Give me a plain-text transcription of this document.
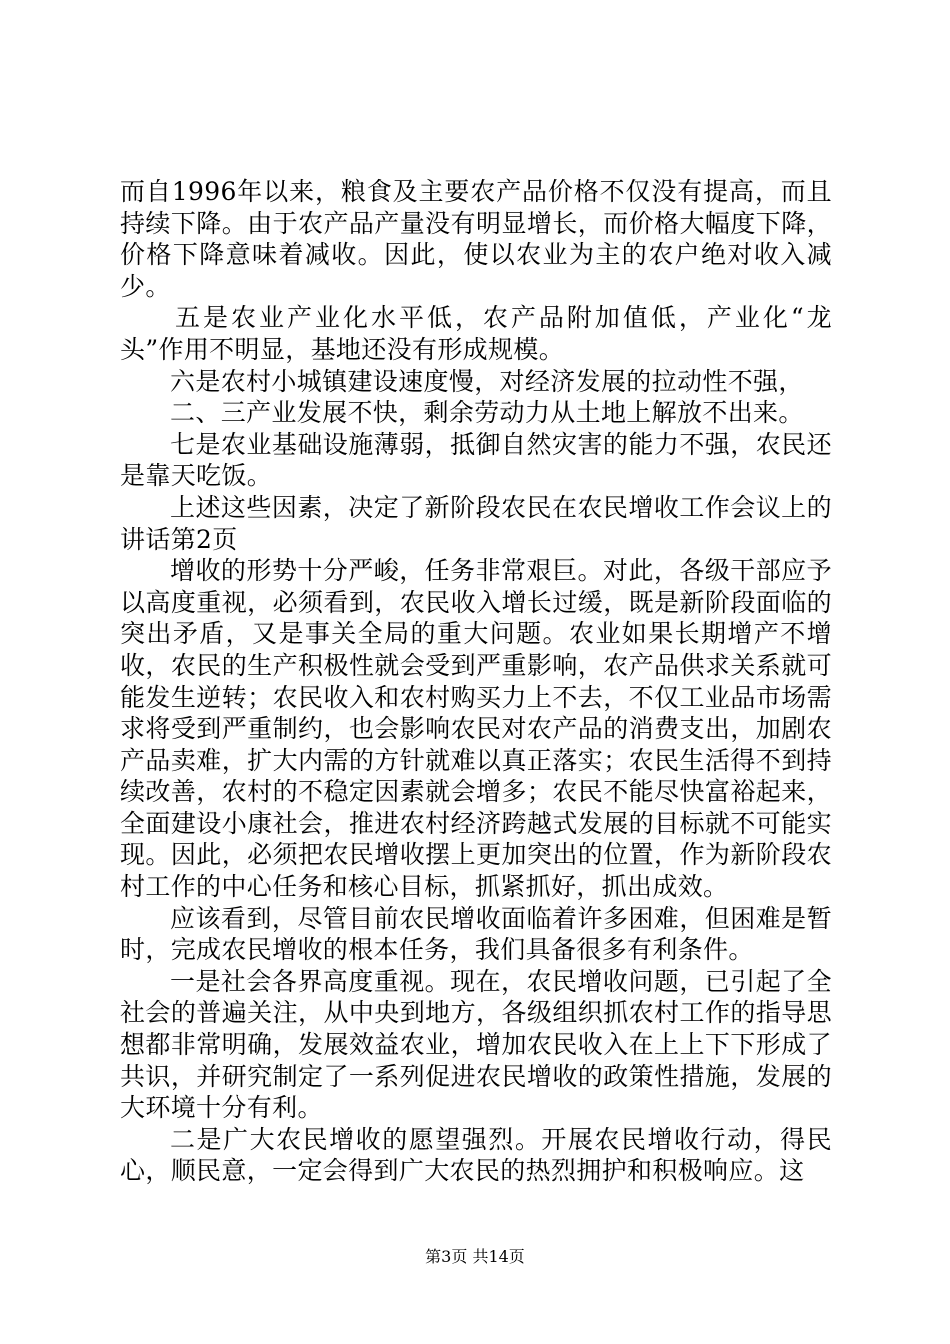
而自1996年以来，粮食及主要农产品价格不仅没有提高，而且持续下降。由于农产品产量没有明显增长，而价格大幅度下降，价格下降意味着减收。因此，使以农业为主的农户绝对收入减少。

五是农业产业化水平低，农产品附加值低，产业化“龙头”作用不明显，基地还没有形成规模。

六是农村小城镇建设速度慢，对经济发展的拉动性不强，

二、三产业发展不快，剩余劳动力从土地上解放不出来。

七是农业基础设施薄弱，抵御自然灾害的能力不强，农民还是靠天吃饭。

上述这些因素，决定了新阶段农民在农民增收工作会议上的讲话第2页

增收的形势十分严峻，任务非常艰巨。对此，各级干部应予以高度重视，必须看到，农民收入增长过缓，既是新阶段面临的突出矛盾，又是事关全局的重大问题。农业如果长期增产不增收，农民的生产积极性就会受到严重影响，农产品供求关系就可能发生逆转；农民收入和农村购买力上不去，不仅工业品市场需求将受到严重制约，也会影响农民对农产品的消费支出，加剧农产品卖难，扩大内需的方针就难以真正落实；农民生活得不到持续改善，农村的不稳定因素就会增多；农民不能尽快富裕起来，全面建设小康社会，推进农村经济跨越式发展的目标就不可能实现。因此，必须把农民增收摆上更加突出的位置，作为新阶段农村工作的中心任务和核心目标，抓紧抓好，抓出成效。

应该看到，尽管目前农民增收面临着许多困难，但困难是暂时，完成农民增收的根本任务，我们具备很多有利条件。

一是社会各界高度重视。现在，农民增收问题，已引起了全社会的普遍关注，从中央到地方，各级组织抓农村工作的指导思想都非常明确，发展效益农业，增加农民收入在上上下下形成了共识，并研究制定了一系列促进农民增收的政策性措施，发展的大环境十分有利。

二是广大农民增收的愿望强烈。开展农民增收行动，得民心，顺民意，一定会得到广大农民的热烈拥护和积极响应。这

第3页 共14页
